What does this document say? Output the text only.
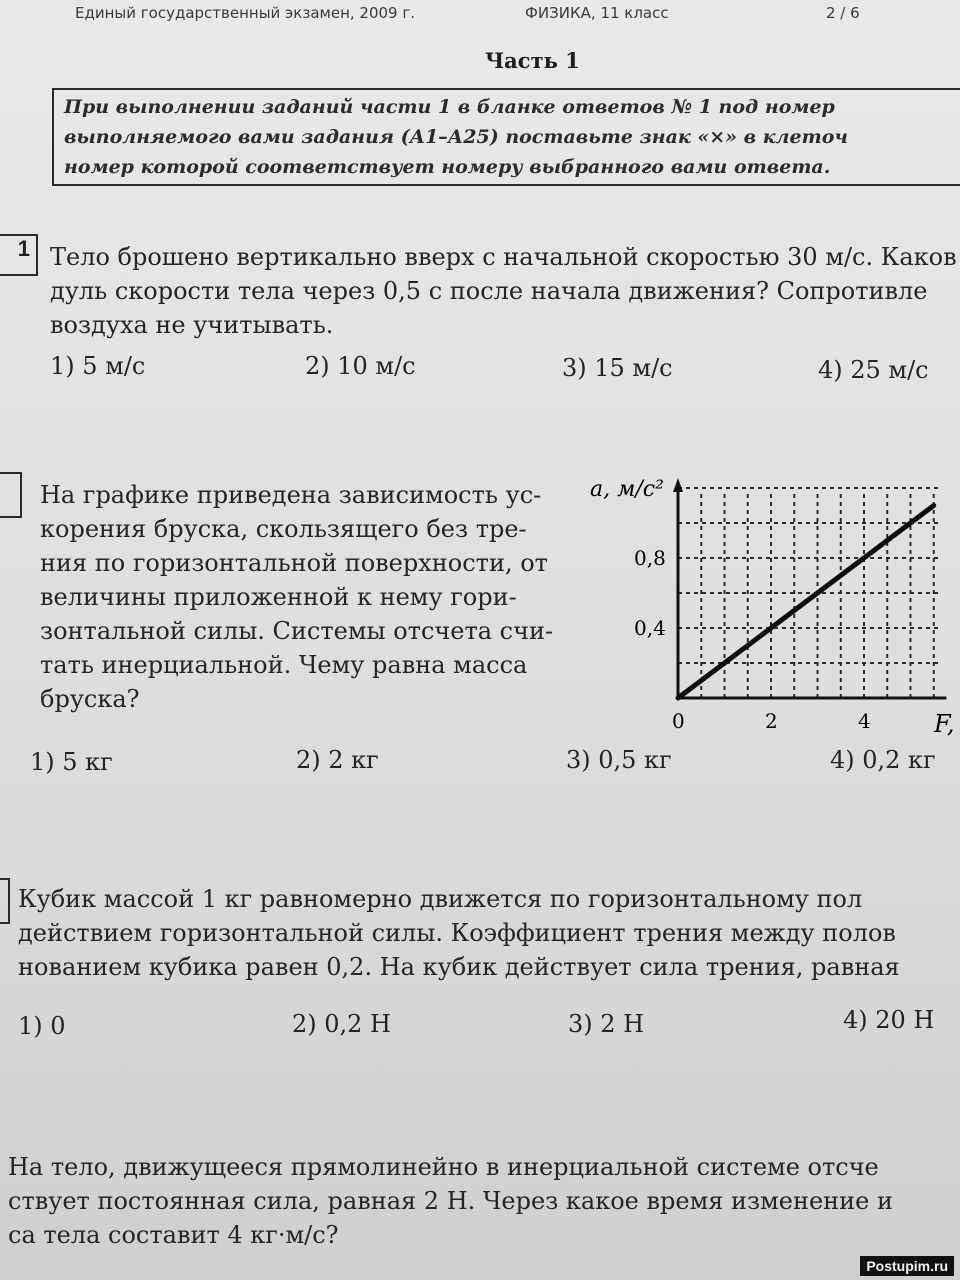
Единый государственный экзамен, 2009 г.	ФИЗИКА, 11 класс	2 / 6
Часть 1
При выполнении заданий части 1 в бланке ответов № 1 под номер
выполняемого вами задания (А1–А25) поставьте знак «×» в клеточ
номер которой соответствует номеру выбранного вами ответа.
1 Тело брошено вертикально вверх с начальной скоростью 30 м/с. Каков
дуль скорости тела через 0,5 с после начала движения? Сопротивле
воздуха не учитывать.
1) 5 м/с	2) 10 м/с	3) 15 м/с	4) 25 м/с
На графике приведена зависимость ус-
корения бруска, скользящего без тре-
ния по горизонтальной поверхности, от
величины приложенной к нему гори-
зонтальной силы. Системы отсчета счи-
тать инерциальной. Чему равна масса
бруска?
0	2	4
0,4
0,8
a, м/с²
F,
1) 5 кг	2) 2 кг	3) 0,5 кг	4) 0,2 кг
Кубик массой 1 кг равномерно движется по горизонтальному пол
действием горизонтальной силы. Коэффициент трения между полов
нованием кубика равен 0,2. На кубик действует сила трения, равная
1) 0	2) 0,2 Н	3) 2 Н	4) 20 Н
На тело, движущееся прямолинейно в инерциальной системе отсче
ствует постоянная сила, равная 2 Н. Через какое время изменение и
са тела составит 4 кг·м/с?
Postupim.ru
